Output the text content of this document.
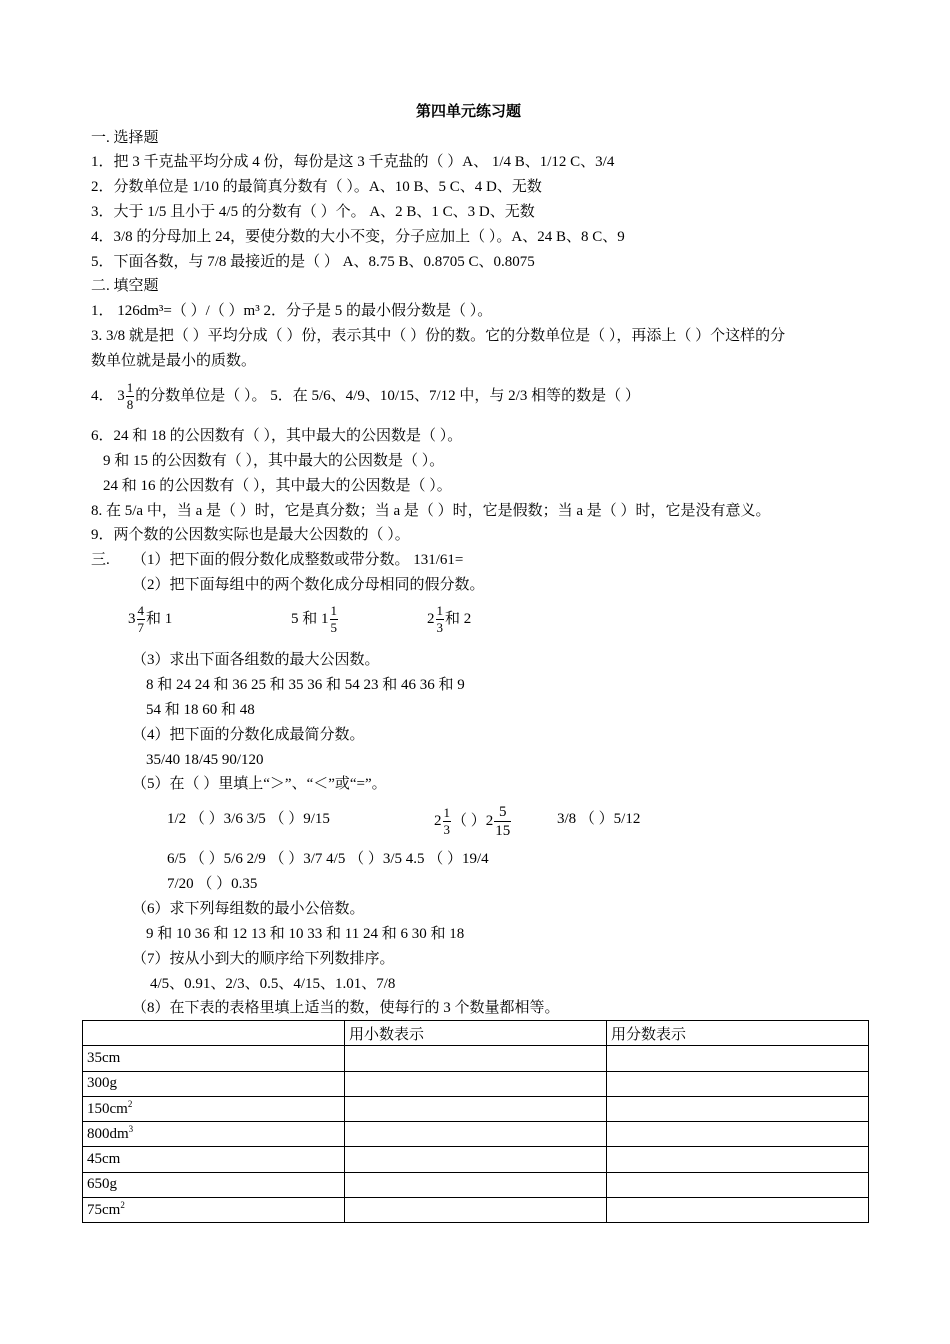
第四单元练习题
一. 选择题
1．把 3 千克盐平均分成 4 份，每份是这 3 千克盐的（ ）A、 1/4 B、1/12 C、3/4
2．分数单位是 1/10 的最简真分数有（ ）。A、10 B、5 C、4 D、无数
3．大于 1/5 且小于 4/5 的分数有（ ）个。 A、2 B、1 C、3 D、无数
4．3/8 的分母加上 24，要使分数的大小不变，分子应加上（ ）。A、24 B、8 C、9
5．下面各数，与 7/8 最接近的是（ ） A、8.75 B、0.8705 C、0.8075
二. 填空题
1． 126dm³=（ ）/（ ）m³ 2．分子是 5 的最小假分数是（ ）。
3. 3/8 就是把（ ）平均分成（ ）份，表示其中（ ）份的数。它的分数单位是（ ），再添上（ ）个这样的分
数单位就是最小的质数。
4． $3 \frac{1}{8}$ 的分数单位是（ ）。 5．在 5/6、4/9、10/15、7/12 中，与 2/3 相等的数是（ ）
6．24 和 18 的公因数有（ ），其中最大的公因数是（ ）。
9 和 15 的公因数有（ ），其中最大的公因数是（ ）。
24 和 16 的公因数有（ ），其中最大的公因数是（ ）。
8. 在 5/a 中，当 a 是（ ）时，它是真分数；当 a 是（ ）时，它是假数；当 a 是（ ）时，它是没有意义。
9．两个数的公因数实际也是最大公因数的（ ）。
三. （1）把下面的假分数化成整数或带分数。 131/61=
（2）把下面每组中的两个数化成分母相同的假分数。
$3 \frac{4}{7}$ 和 1	5 和 $1 \frac{1}{5}$	$2 \frac{1}{3}$ 和 2
（3）求出下面各组数的最大公因数。
8 和 24 24 和 36 25 和 35 36 和 54 23 和 46 36 和 9
54 和 18 60 和 48
（4）把下面的分数化成最简分数。
35/40 18/45 90/120
（5）在（ ）里填上“＞”、“＜”或“=”。
1/2 （ ）3/6 3/5 （ ）9/15	$2 \frac{1}{3}$ （ ）$2 \frac{5}{15}$	3/8 （ ）5/12
6/5 （ ）5/6 2/9 （ ）3/7 4/5 （ ）3/5 4.5 （ ）19/4
7/20 （ ）0.35
（6）求下列每组数的最小公倍数。
9 和 10 36 和 12 13 和 10 33 和 11 24 和 6 30 和 18
（7）按从小到大的顺序给下列数排序。
4/5、0.91、2/3、0.5、4/15、1.01、7/8
（8）在下表的表格里填上适当的数，使每行的 3 个数量都相等。
	用小数表示	用分数表示
35cm		
300g		
$150cm^2$		
$800dm^3$		
45cm		
650g		
$75cm^2$		
